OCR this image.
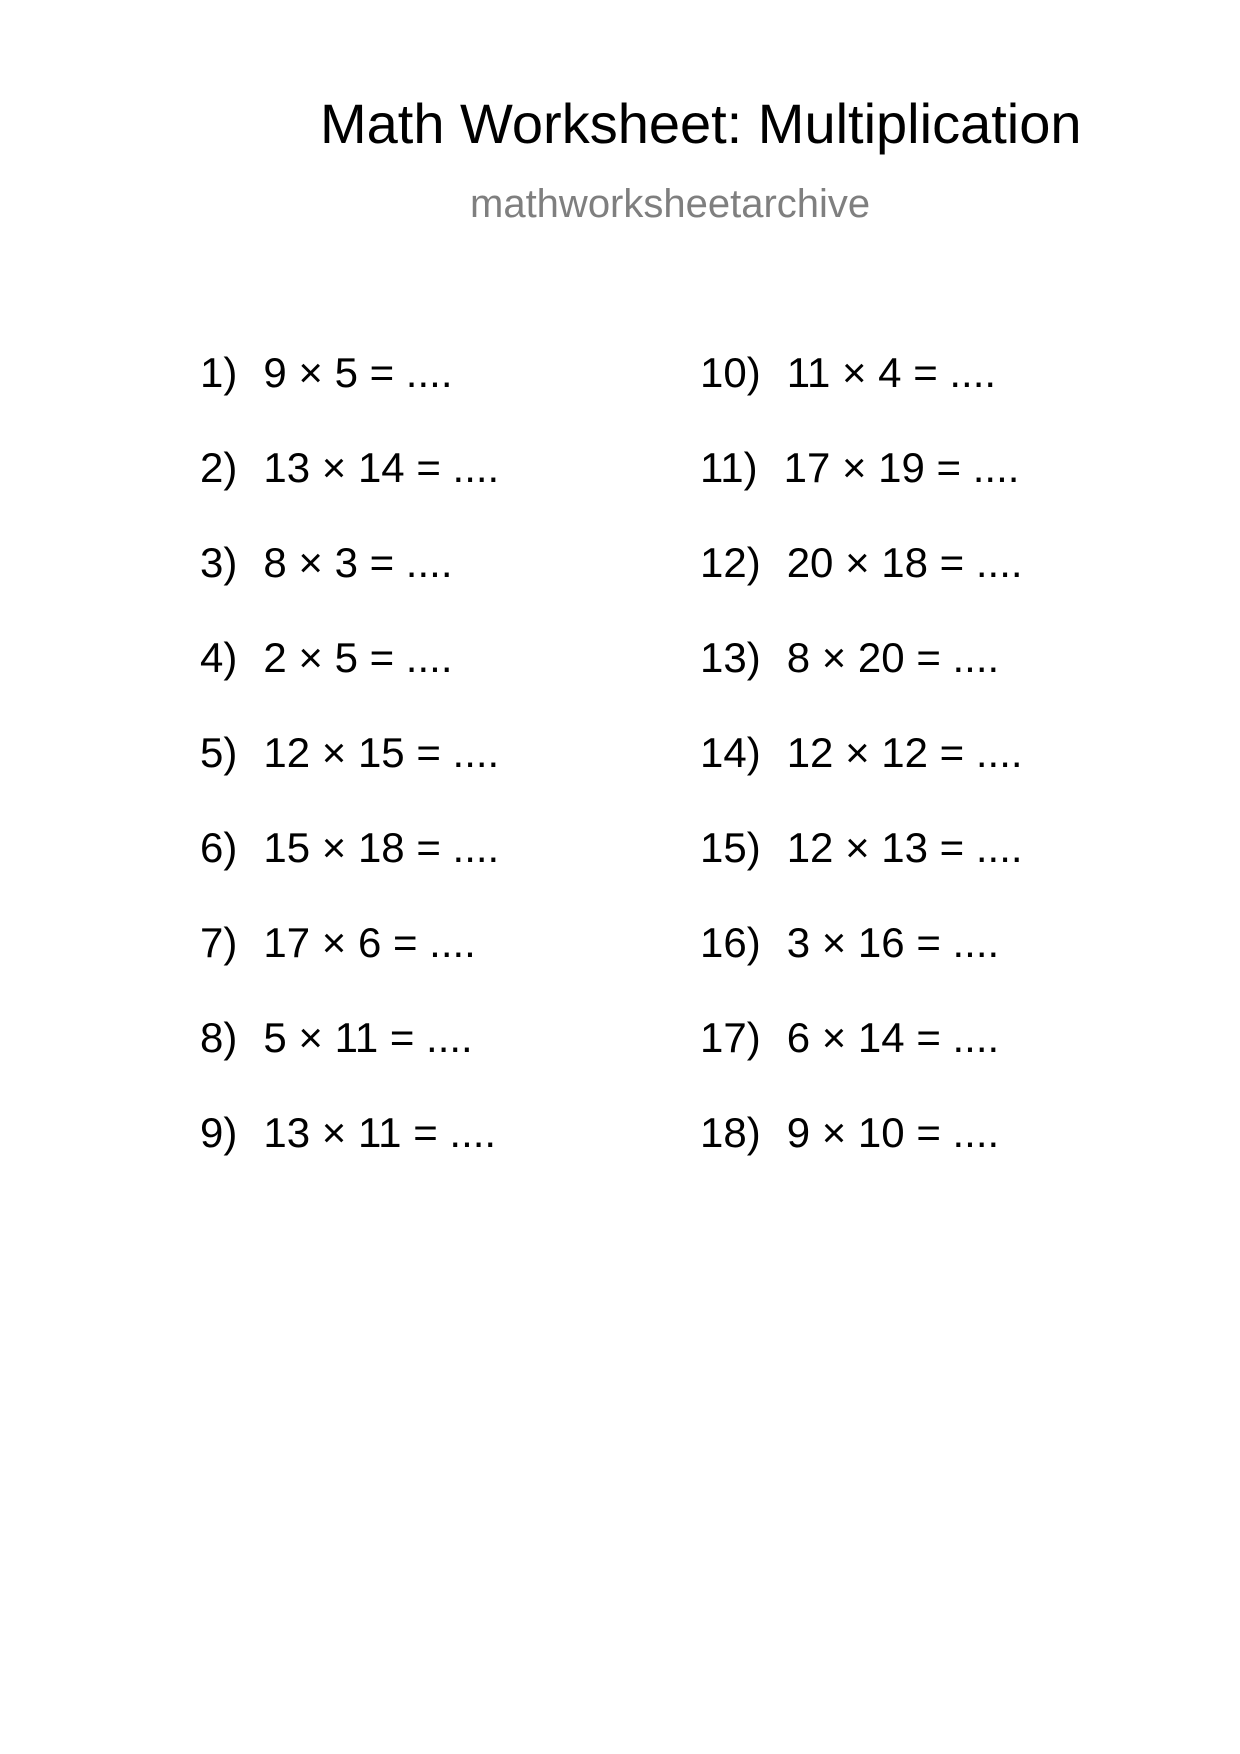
Math Worksheet: Multiplication
mathworksheetarchive
1) 9 × 5 = ....
2) 13 × 14 = ....
3) 8 × 3 = ....
4) 2 × 5 = ....
5) 12 × 15 = ....
6) 15 × 18 = ....
7) 17 × 6 = ....
8) 5 × 11 = ....
9) 13 × 11 = ....
10) 11 × 4 = ....
11) 17 × 19 = ....
12) 20 × 18 = ....
13) 8 × 20 = ....
14) 12 × 12 = ....
15) 12 × 13 = ....
16) 3 × 16 = ....
17) 6 × 14 = ....
18) 9 × 10 = ....
